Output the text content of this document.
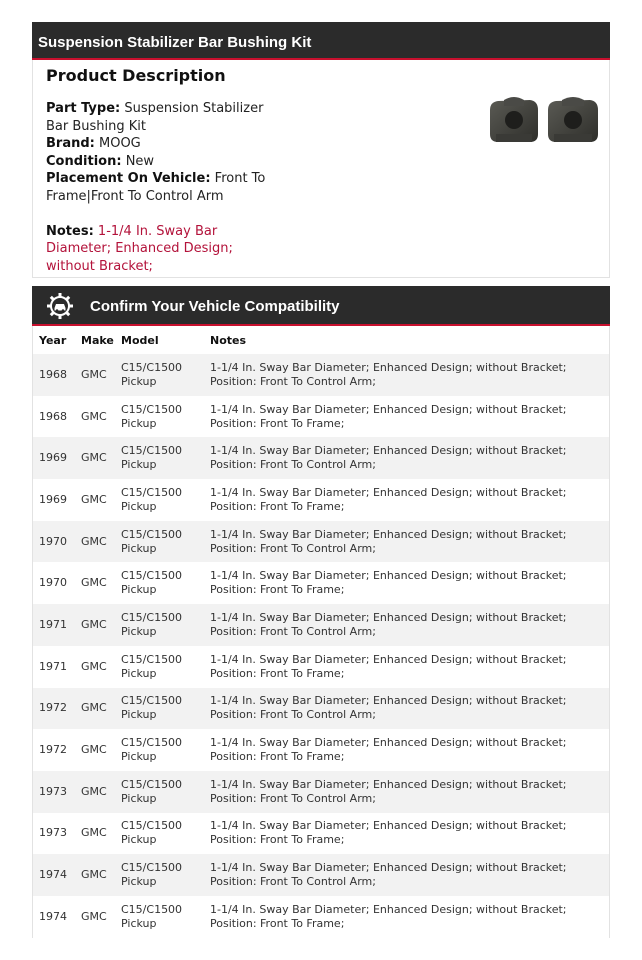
Suspension Stabilizer Bar Bushing Kit
Product Description
Part Type: Suspension Stabilizer Bar Bushing Kit
Brand: MOOG
Condition: New
Placement On Vehicle: Front To Frame|Front To Control Arm
Notes: 1-1/4 In. Sway Bar Diameter; Enhanced Design; without Bracket;
Confirm Your Vehicle Compatibility
Year	Make	Model	Notes
1968	GMC	C15/C1500 Pickup	1-1/4 In. Sway Bar Diameter; Enhanced Design; without Bracket; Position: Front To Control Arm;
1968	GMC	C15/C1500 Pickup	1-1/4 In. Sway Bar Diameter; Enhanced Design; without Bracket; Position: Front To Frame;
1969	GMC	C15/C1500 Pickup	1-1/4 In. Sway Bar Diameter; Enhanced Design; without Bracket; Position: Front To Control Arm;
1969	GMC	C15/C1500 Pickup	1-1/4 In. Sway Bar Diameter; Enhanced Design; without Bracket; Position: Front To Frame;
1970	GMC	C15/C1500 Pickup	1-1/4 In. Sway Bar Diameter; Enhanced Design; without Bracket; Position: Front To Control Arm;
1970	GMC	C15/C1500 Pickup	1-1/4 In. Sway Bar Diameter; Enhanced Design; without Bracket; Position: Front To Frame;
1971	GMC	C15/C1500 Pickup	1-1/4 In. Sway Bar Diameter; Enhanced Design; without Bracket; Position: Front To Control Arm;
1971	GMC	C15/C1500 Pickup	1-1/4 In. Sway Bar Diameter; Enhanced Design; without Bracket; Position: Front To Frame;
1972	GMC	C15/C1500 Pickup	1-1/4 In. Sway Bar Diameter; Enhanced Design; without Bracket; Position: Front To Control Arm;
1972	GMC	C15/C1500 Pickup	1-1/4 In. Sway Bar Diameter; Enhanced Design; without Bracket; Position: Front To Frame;
1973	GMC	C15/C1500 Pickup	1-1/4 In. Sway Bar Diameter; Enhanced Design; without Bracket; Position: Front To Control Arm;
1973	GMC	C15/C1500 Pickup	1-1/4 In. Sway Bar Diameter; Enhanced Design; without Bracket; Position: Front To Frame;
1974	GMC	C15/C1500 Pickup	1-1/4 In. Sway Bar Diameter; Enhanced Design; without Bracket; Position: Front To Control Arm;
1974	GMC	C15/C1500 Pickup	1-1/4 In. Sway Bar Diameter; Enhanced Design; without Bracket; Position: Front To Frame;
